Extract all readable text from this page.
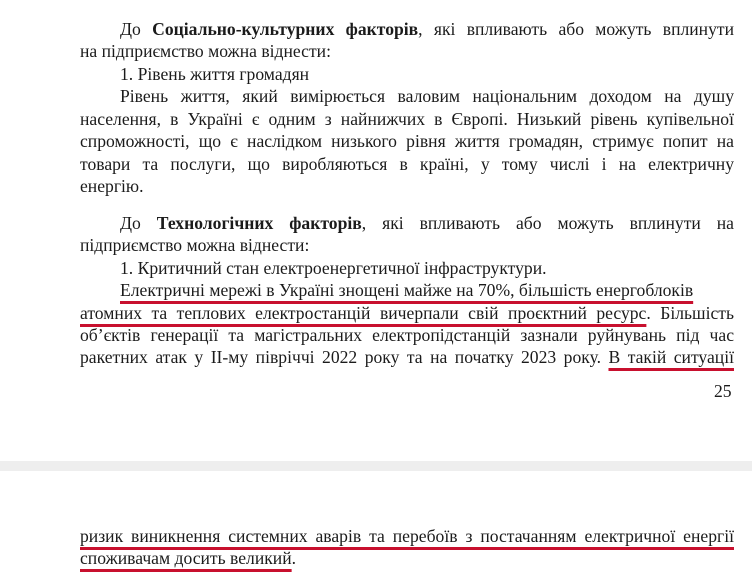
До Соціально-культурних факторів, які впливають або можуть вплинути
на підприємство можна віднести:
1. Рівень життя громадян
Рівень життя, який вимірюється валовим національним доходом на душу
населення, в Україні є одним з найнижчих в Європі. Низький рівень купівельної
спроможності, що є наслідком низького рівня життя громадян, стримує попит на
товари та послуги, що виробляються в країні, у тому числі і на електричну
енергію.
До Технологічних факторів, які впливають або можуть вплинути на
підприємство можна віднести:
1. Критичний стан електроенергетичної інфраструктури.
Електричні мережі в Україні знощені майже на 70%, більшість енергоблоків
атомних та теплових електростанцій вичерпали свій проєктний ресурс. Більшість
об’єктів генерації та магістральних електропідстанцій зазнали руйнувань під час
ракетних атак у ІІ-му півріччі 2022 року та на початку 2023 року. В такій ситуації
25
ризик виникнення системних аварів та перебоїв з постачанням електричної енергії
споживачам досить великий.
